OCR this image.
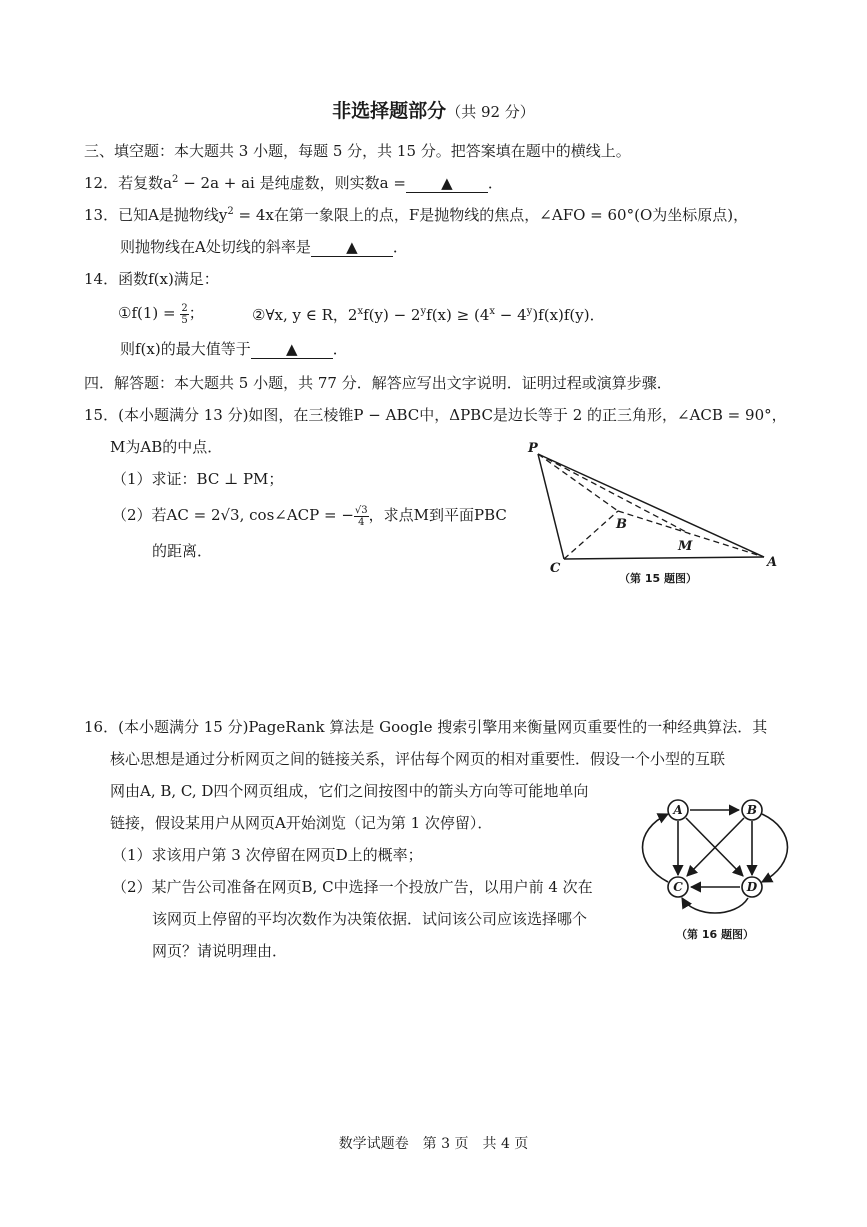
非选择题部分（共 92 分）
三、填空题：本大题共 3 小题，每题 5 分，共 15 分。把答案填在题中的横线上。
12．若复数$a^2 - 2a$ + ai 是纯虚数，则实数a = ▲ ．
13．已知A是抛物线$y^2 = 4x$在第一象限上的点，F是抛物线的焦点，∠AFO = 60°(O为坐标原点)，
则抛物线在A处切线的斜率是 ▲ ．
14．函数f(x)满足：
①f(1) = $\frac{2}{5}$ ；	②∀x, y ∈ R，$2^xf(y) - 2^yf(x) \ge (4^x - 4^y)f(x)f(y)$．
则f(x)的最大值等于 ▲ ．
四．解答题：本大题共 5 小题，共 77 分．解答应写出文字说明．证明过程或演算步骤．
15．(本小题满分 13 分)如图，在三棱锥P − ABC中，ΔPBC是边长等于 2 的正三角形，∠ACB = 90°，
M为AB的中点．
（1）求证：BC ⊥ PM；
（2）若AC = 2√3, cos∠ACP = − $\frac{√3}{4}$ ，求点M到平面PBC
的距离．
P
B
M
C	A
（第 15 题图）
16．(本小题满分 15 分)PageRank 算法是 Google 搜索引擎用来衡量网页重要性的一种经典算法．其
核心思想是通过分析网页之间的链接关系，评估每个网页的相对重要性．假设一个小型的互联
网由A, B, C, D四个网页组成，它们之间按图中的箭头方向等可能地单向
链接，假设某用户从网页A开始浏览（记为第 1 次停留）．
（1）求该用户第 3 次停留在网页D上的概率；
（2）某广告公司准备在网页B, C中选择一个投放广告，以用户前 4 次在
该网页上停留的平均次数作为决策依据．试问该公司应该选择哪个
网页？请说明理由．
A	B
C	D
（第 16 题图）
数学试题卷　第 3 页　共 4 页
